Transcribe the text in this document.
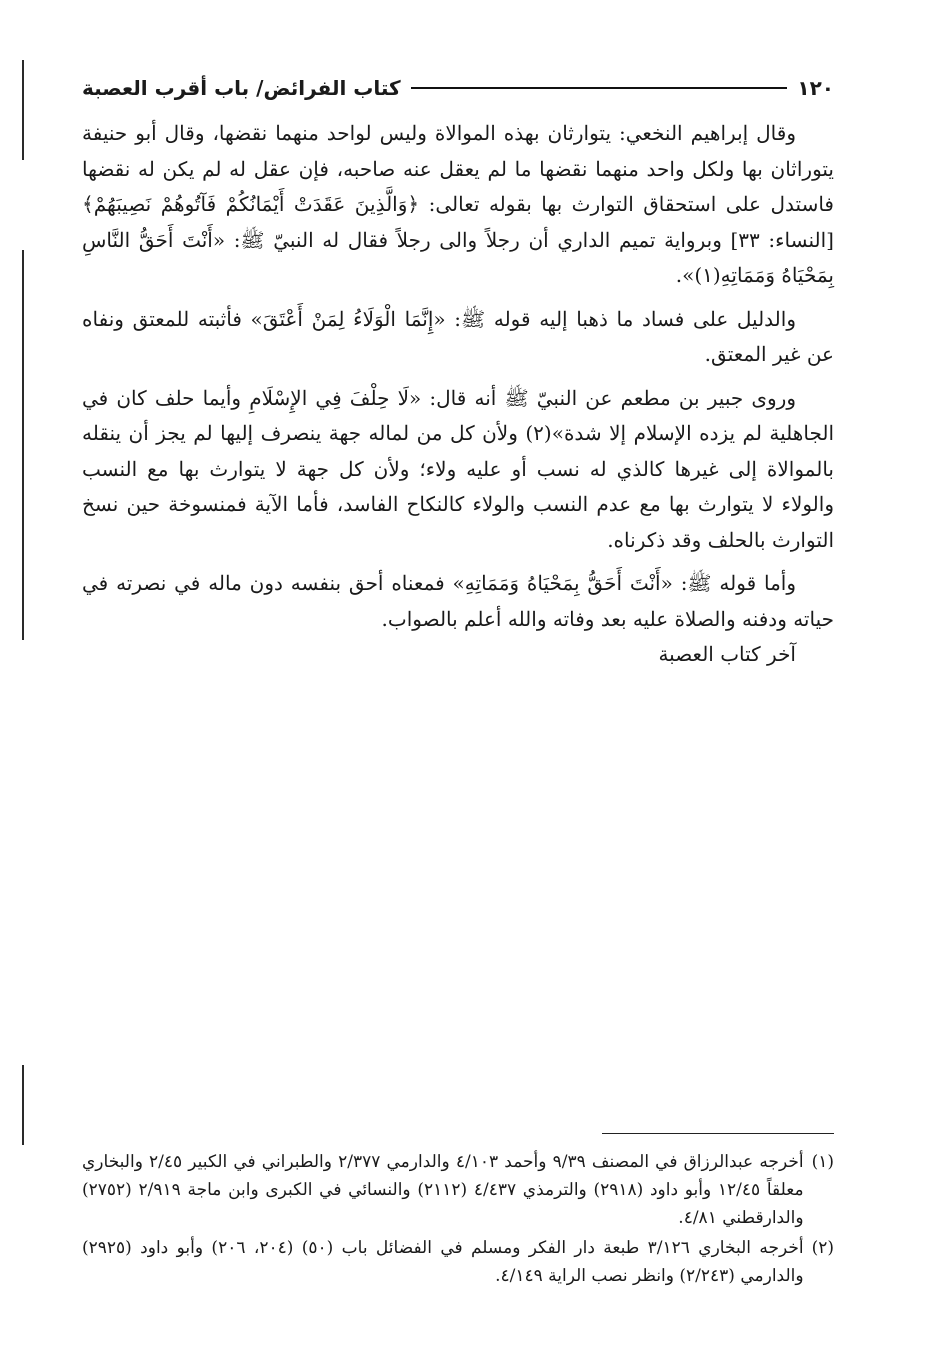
١٢٠
كتاب الفرائض/ باب أقرب العصبة

وقال إبراهيم النخعي: يتوارثان بهذه الموالاة وليس لواحد منهما نقضها، وقال أبو حنيفة يتوراثان بها ولكل واحد منهما نقضها ما لم يعقل عنه صاحبه، فإن عقل له لم يكن له نقضها فاستدل على استحقاق التوارث بها بقوله تعالى: ﴿وَالَّذِينَ عَقَدَتْ أَيْمَانُكُمْ فَآتُوهُمْ نَصِيبَهُمْ﴾ [النساء: ٣٣] وبرواية تميم الداري أن رجلاً والى رجلاً فقال له النبيّ ﷺ: «أَنْتَ أَحَقُّ النَّاسِ بِمَحْيَاهُ وَمَمَاتِهِ(١)».

والدليل على فساد ما ذهبا إليه قوله ﷺ: «إِنَّمَا الْوَلَاءُ لِمَنْ أَعْتَقَ» فأثبته للمعتق ونفاه عن غير المعتق.

وروى جبير بن مطعم عن النبيّ ﷺ أنه قال: «لَا حِلْفَ فِي الإِسْلَامِ وأيما حلف كان في الجاهلية لم يزده الإسلام إلا شدة»(٢) ولأن كل من لماله جهة ينصرف إليها لم يجز أن ينقله بالموالاة إلى غيرها كالذي له نسب أو عليه ولاء؛ ولأن كل جهة لا يتوارث بها مع النسب والولاء لا يتوارث بها مع عدم النسب والولاء كالنكاح الفاسد، فأما الآية فمنسوخة حين نسخ التوارث بالحلف وقد ذكرناه.

وأما قوله ﷺ: «أَنْتَ أَحَقُّ بِمَحْيَاهُ وَمَمَاتِهِ» فمعناه أحق بنفسه دون ماله في نصرته في حياته ودفنه والصلاة عليه بعد وفاته والله أعلم بالصواب.

آخر كتاب العصبة
(١)
أخرجه عبدالرزاق في المصنف ٩/٣٩ وأحمد ٤/١٠٣ والدارمي ٢/٣٧٧ والطبراني في الكبير ٢/٤٥ والبخاري معلقاً ١٢/٤٥ وأبو داود (٢٩١٨) والترمذي ٤/٤٣٧ (٢١١٢) والنسائي في الكبرى وابن ماجة ٢/٩١٩ (٢٧٥٢) والدارقطني ٤/٨١.
(٢)
أخرجه البخاري ٣/١٢٦ طبعة دار الفكر ومسلم في الفضائل باب (٥٠) (٢٠٤، ٢٠٦) وأبو داود (٢٩٢٥) والدارمي (٢/٢٤٣) وانظر نصب الراية ٤/١٤٩.
